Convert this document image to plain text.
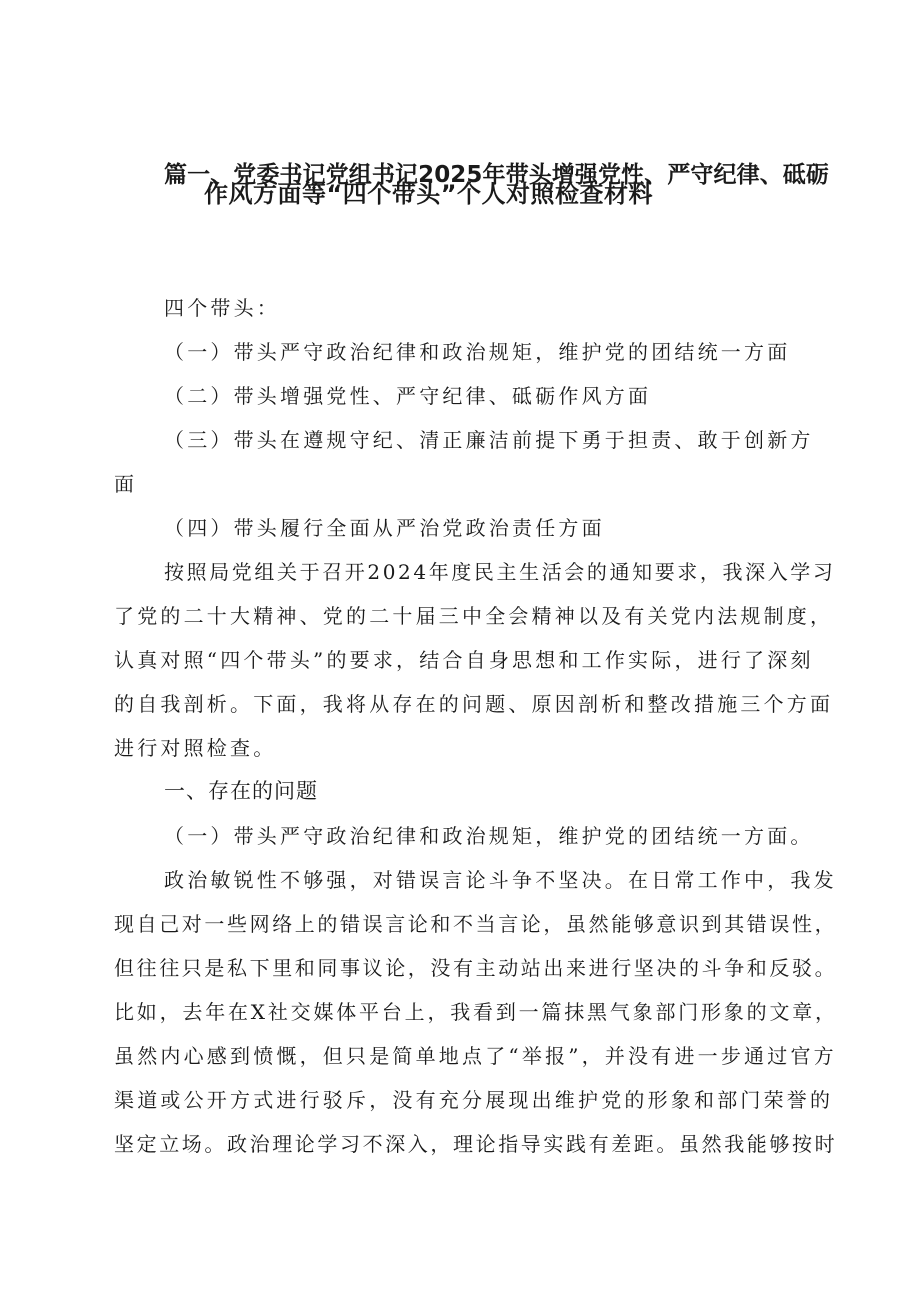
篇一、党委书记党组书记2025年带头增强党性、严守纪律、砥砺
作风方面等“四个带头”个人对照检查材料
四个带头：
（一）带头严守政治纪律和政治规矩，维护党的团结统一方面
（二）带头增强党性、严守纪律、砥砺作风方面
（三）带头在遵规守纪、清正廉洁前提下勇于担责、敢于创新方
面
（四）带头履行全面从严治党政治责任方面
按照局党组关于召开2024年度民主生活会的通知要求，我深入学习
了党的二十大精神、党的二十届三中全会精神以及有关党内法规制度，
认真对照“四个带头”的要求，结合自身思想和工作实际，进行了深刻
的自我剖析。下面，我将从存在的问题、原因剖析和整改措施三个方面
进行对照检查。
一、存在的问题
（一）带头严守政治纪律和政治规矩，维护党的团结统一方面。
政治敏锐性不够强，对错误言论斗争不坚决。在日常工作中，我发
现自己对一些网络上的错误言论和不当言论，虽然能够意识到其错误性，
但往往只是私下里和同事议论，没有主动站出来进行坚决的斗争和反驳。
比如，去年在X社交媒体平台上，我看到一篇抹黑气象部门形象的文章，
虽然内心感到愤慨，但只是简单地点了“举报”，并没有进一步通过官方
渠道或公开方式进行驳斥，没有充分展现出维护党的形象和部门荣誉的
坚定立场。政治理论学习不深入，理论指导实践有差距。虽然我能够按时
